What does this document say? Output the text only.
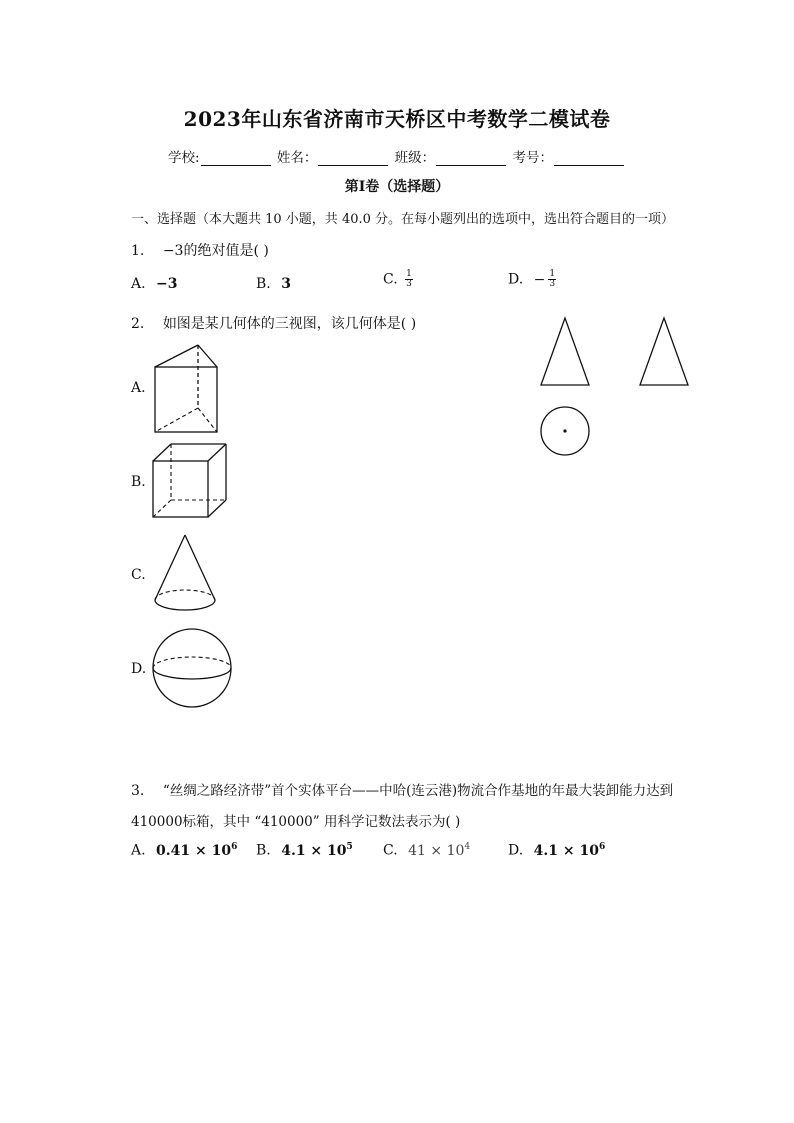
2023年山东省济南市天桥区中考数学二模试卷
学校:	姓名：	班级：	考号：
第Ⅰ卷（选择题）
一、选择题（本大题共 10 小题，共 40.0 分。在每小题列出的选项中，选出符合题目的一项）
1. −3的绝对值是( )
A. −3	B. 3	C. $\frac{1}{3}$	D. − $\frac{1}{3}$
2. 如图是某几何体的三视图，该几何体是( )
A.
B.
C.
D.
3. “丝绸之路经济带”首个实体平台——中哈(连云港)物流合作基地的年最大装卸能力达到
410000标箱，其中 “410000” 用科学记数法表示为( )
A. $0.41 \times 10^6$ B. $4.1 \times 10^5$ C. $41 \times 10^4$	D. $4.1 \times 10^6$
